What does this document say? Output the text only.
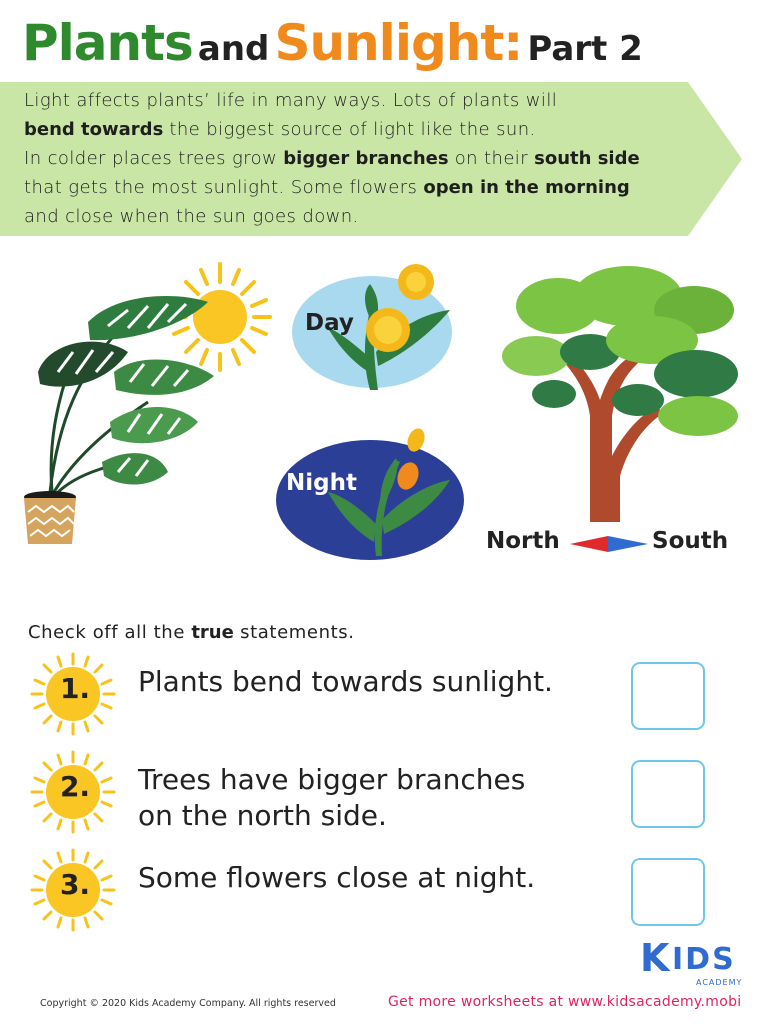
Plants and Sunlight: Part 2
Light affects plants’ life in many ways. Lots of plants will
bend towards the biggest source of light like the sun.
In colder places trees grow bigger branches on their south side
that gets the most sunlight. Some flowers open in the morning
and close when the sun goes down.
Day
Night
North	South
Check off all the true statements.
1. Plants bend towards sunlight.
2. Trees have bigger branches
on the north side.
3. Some flowers close at night.
K IDS
ACADEMY
Copyright © 2020 Kids Academy Company. All rights reserved	Get more worksheets at www.kidsacademy.mobi
